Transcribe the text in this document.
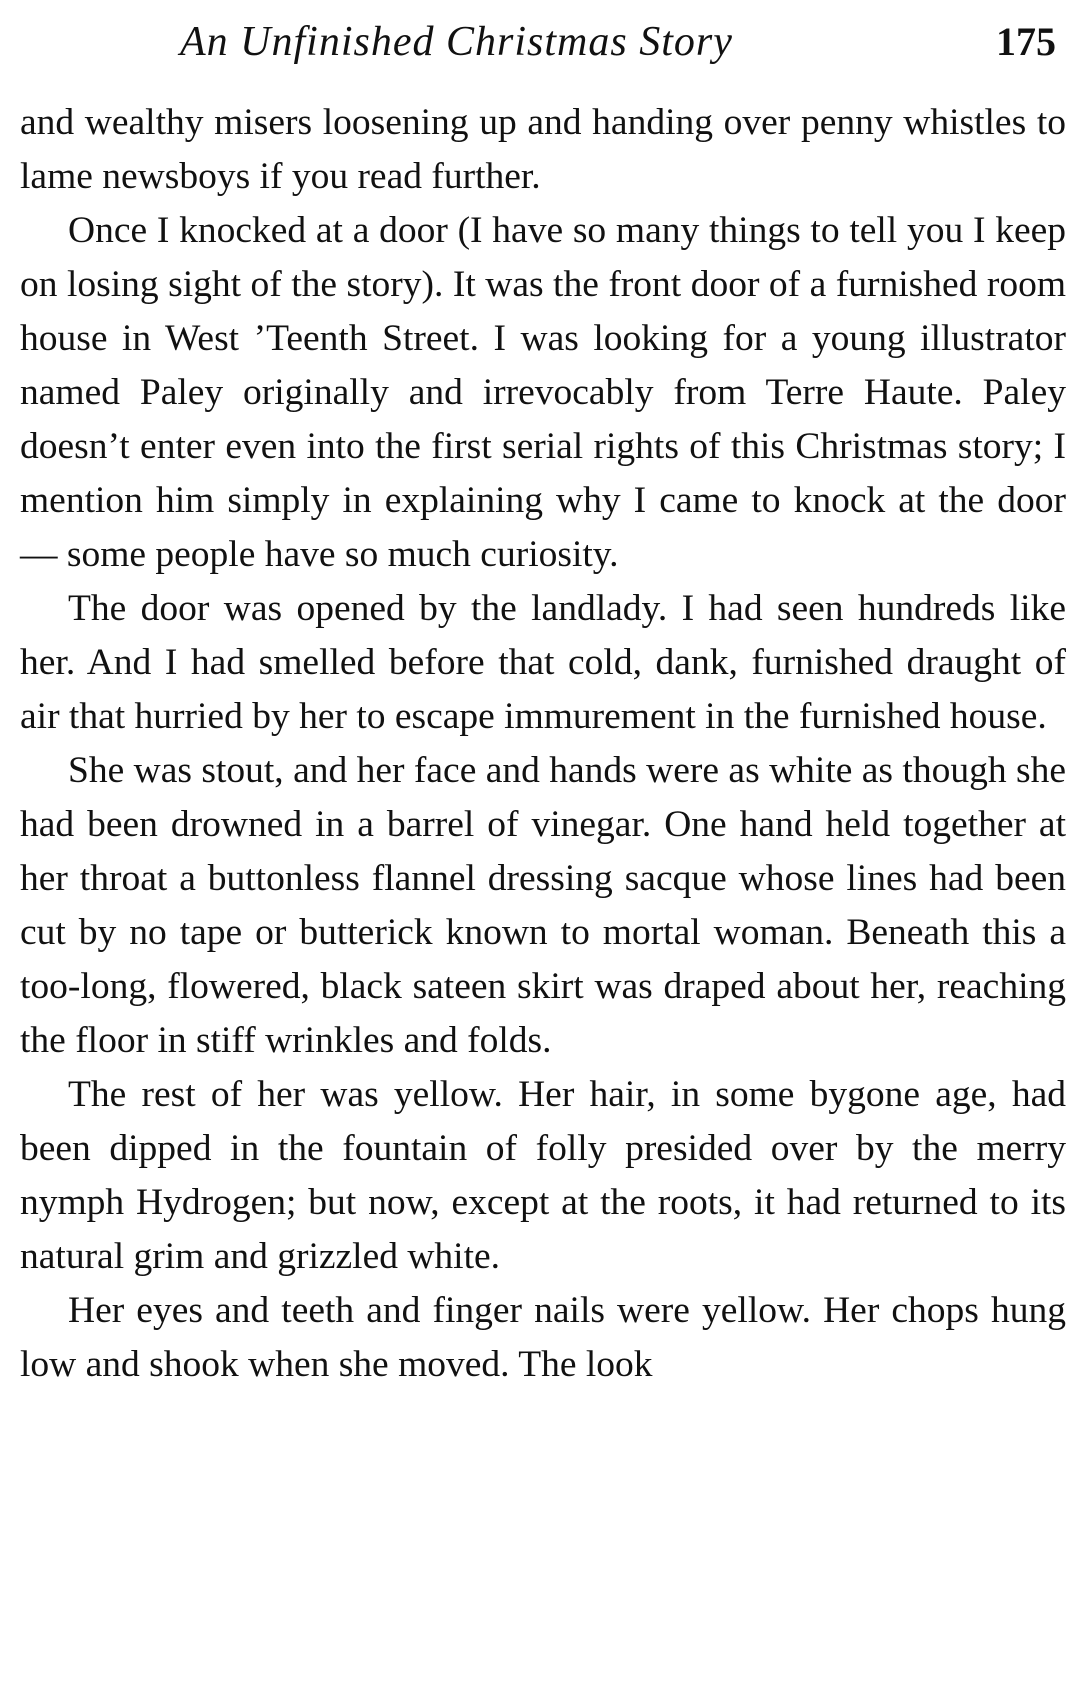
An Unfinished Christmas Story	175

and wealthy misers loosening up and handing over penny whistles to lame newsboys if you read further.

Once I knocked at a door (I have so many things to tell you I keep on losing sight of the story). It was the front door of a furnished room house in West ’Teenth Street. I was looking for a young illustrator named Paley originally and irrevocably from Terre Haute. Paley doesn’t enter even into the first serial rights of this Christmas story; I mention him simply in explaining why I came to knock at the door — some people have so much curiosity.

The door was opened by the landlady. I had seen hundreds like her. And I had smelled before that cold, dank, furnished draught of air that hurried by her to escape immurement in the furnished house.

She was stout, and her face and hands were as white as though she had been drowned in a barrel of vinegar. One hand held together at her throat a buttonless flannel dressing sacque whose lines had been cut by no tape or butterick known to mortal woman. Beneath this a too-long, flowered, black sateen skirt was draped about her, reaching the floor in stiff wrinkles and folds.

The rest of her was yellow. Her hair, in some bygone age, had been dipped in the fountain of folly presided over by the merry nymph Hydrogen; but now, except at the roots, it had returned to its natural grim and grizzled white.

Her eyes and teeth and finger nails were yellow. Her chops hung low and shook when she moved. The look
